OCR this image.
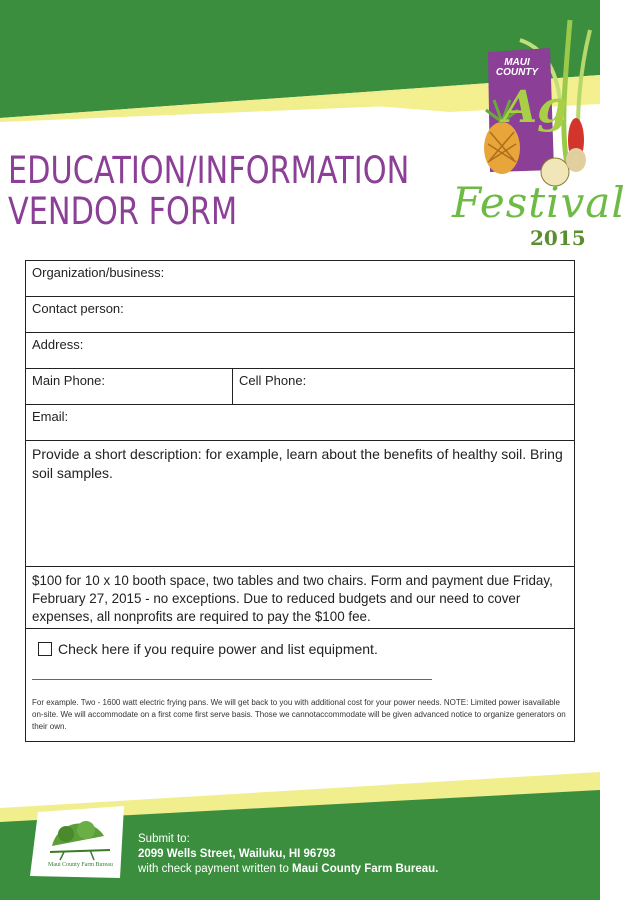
MAUI COUNTY
Ag
Festival
2015
EDUCATION/INFORMATION
VENDOR FORM
Organization/business:
Contact person:
Address:
Main Phone:	Cell Phone:
Email:
Provide a short description: for example, learn about the benefits of healthy soil. Bring soil samples.
$100 for 10 x 10 booth space, two tables and two chairs. Form and payment due Friday, February 27, 2015 - no exceptions. Due to reduced budgets and our need to cover expenses, all nonprofits are required to pay the $100 fee.
Check here if you require power and list equipment.
For example. Two - 1600 watt electric frying pans. We will get back to you with additional cost for your power needs. NOTE: Limited power isavailable on-site. We will accommodate on a first come first serve basis. Those we cannotaccommodate will be given advanced notice to organize generators on their own.
Maui County Farm Bureau
Submit to:
2099 Wells Street, Wailuku, HI 96793
with check payment written to Maui County Farm Bureau.
